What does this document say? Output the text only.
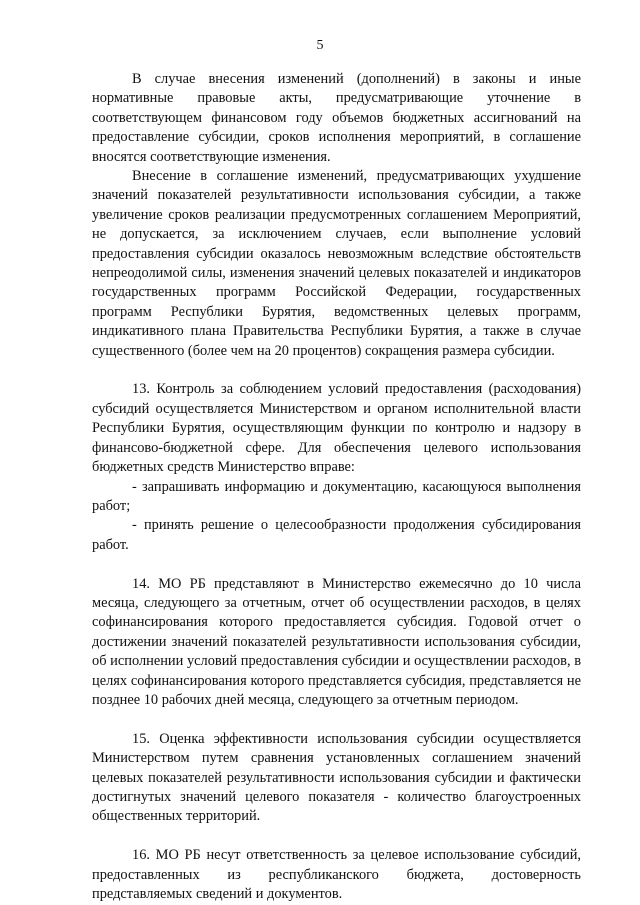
5

В случае внесения изменений (дополнений) в законы и иные нормативные правовые акты, предусматривающие уточнение в соответствующем финансовом году объемов бюджетных ассигнований на предоставление субсидии, сроков исполнения мероприятий, в соглашение вносятся соответствующие изменения.

Внесение в соглашение изменений, предусматривающих ухудшение значений показателей результативности использования субсидии, а также увеличение сроков реализации предусмотренных соглашением Мероприятий, не допускается, за исключением случаев, если выполнение условий предоставления субсидии оказалось невозможным вследствие обстоятельств непреодолимой силы, изменения значений целевых показателей и индикаторов государственных программ Российской Федерации, государственных программ Республики Бурятия, ведомственных целевых программ, индикативного плана Правительства Республики Бурятия, а также в случае существенного (более чем на 20 процентов) сокращения размера субсидии.

13. Контроль за соблюдением условий предоставления (расходования) субсидий осуществляется Министерством и органом исполнительной власти Республики Бурятия, осуществляющим функции по контролю и надзору в финансово-бюджетной сфере. Для обеспечения целевого использования бюджетных средств Министерство вправе:

- запрашивать информацию и документацию, касающуюся выполнения работ;

- принять решение о целесообразности продолжения субсидирования работ.

14. МО РБ представляют в Министерство ежемесячно до 10 числа месяца, следующего за отчетным, отчет об осуществлении расходов, в целях софинансирования которого предоставляется субсидия. Годовой отчет о достижении значений показателей результативности использования субсидии, об исполнении условий предоставления субсидии и осуществлении расходов, в целях софинансирования которого представляется субсидия, представляется не позднее 10 рабочих дней месяца, следующего за отчетным периодом.

15. Оценка эффективности использования субсидии осуществляется Министерством путем сравнения установленных соглашением значений целевых показателей результативности использования субсидии и фактически достигнутых значений целевого показателя - количество благоустроенных общественных территорий.

16. МО РБ несут ответственность за целевое использование субсидий, предоставленных из республиканского бюджета, достоверность представляемых сведений и документов.
